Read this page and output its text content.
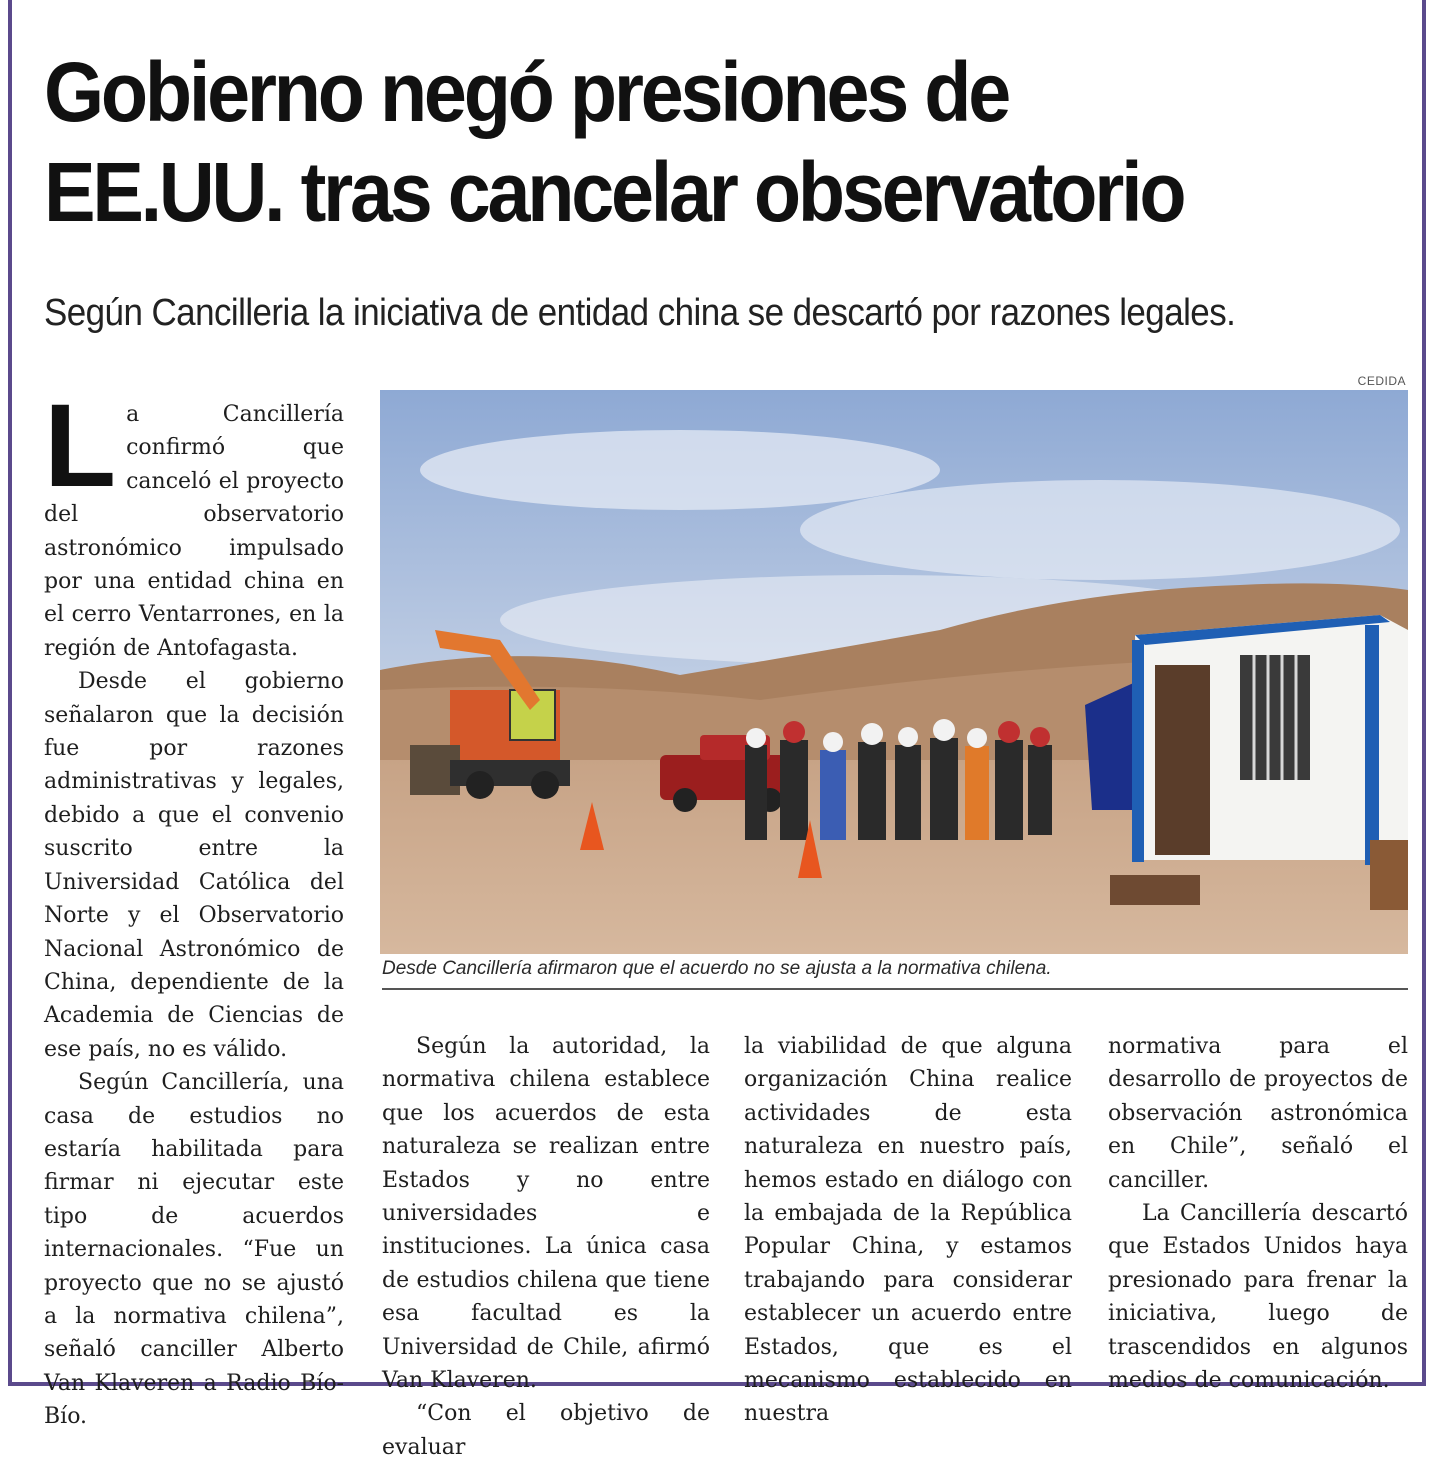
Gobierno negó presiones de
EE.UU. tras cancelar observatorio

Según Cancilleria la iniciativa de entidad china se descartó por razones legales.

L a Cancillería confirmó que canceló el proyecto del observatorio astronómico impulsado por una entidad china en el cerro Ventarrones, en la región de Antofagasta.

Desde el gobierno señalaron que la decisión fue por razones administrativas y legales, debido a que el convenio suscrito entre la Universidad Católica del Norte y el Observatorio Nacional Astronómico de China, dependiente de la Academia de Ciencias de ese país, no es válido.

Según Cancillería, una casa de estudios no estaría habilitada para firmar ni ejecutar este tipo de acuerdos internacionales. “Fue un proyecto que no se ajustó a la normativa chilena”, señaló canciller Alberto Van Klaveren a Radio Bío-Bío.

CEDIDA
Desde Cancillería afirmaron que el acuerdo no se ajusta a la normativa chilena.

Según la autoridad, la normativa chilena establece que los acuerdos de esta naturaleza se realizan entre Estados y no entre universidades e instituciones. La única casa de estudios chilena que tiene esa facultad es la Universidad de Chile, afirmó Van Klaveren.

“Con el objetivo de evaluar

la viabilidad de que alguna organización China realice actividades de esta naturaleza en nuestro país, hemos estado en diálogo con la embajada de la República Popular China, y estamos trabajando para considerar establecer un acuerdo entre Estados, que es el mecanismo establecido en nuestra

normativa para el desarrollo de proyectos de observación astronómica en Chile”, señaló el canciller.

La Cancillería descartó que Estados Unidos haya presionado para frenar la iniciativa, luego de trascendidos en algunos medios de comunicación.
